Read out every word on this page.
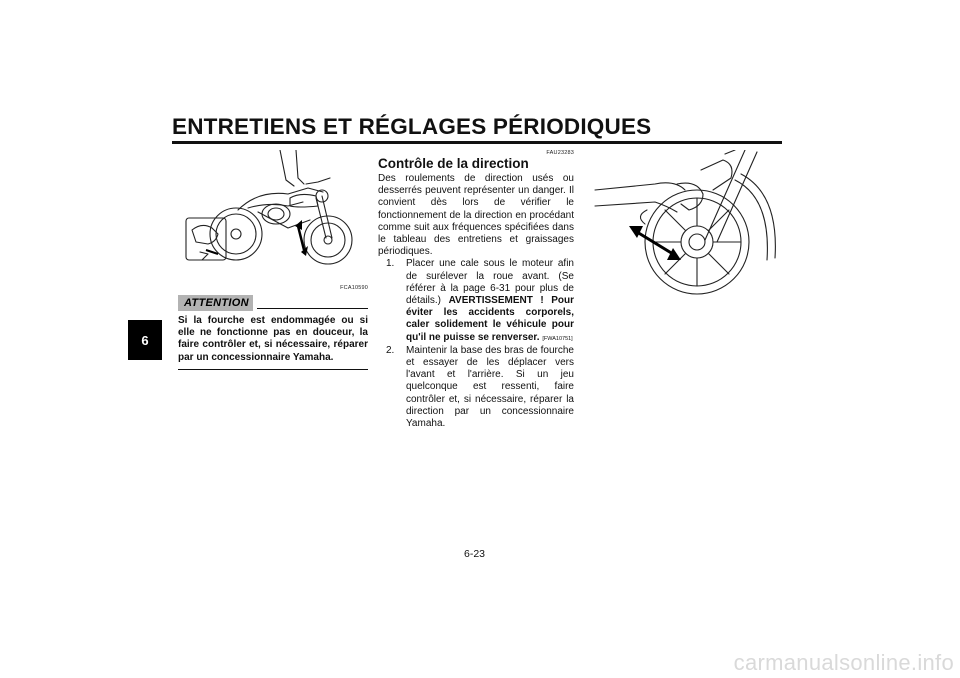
ENTRETIENS ET RÉGLAGES PÉRIODIQUES
6
FCA10590
ATTENTION
Si la fourche est endommagée ou si elle ne fonctionne pas en douceur, la faire contrôler et, si nécessaire, réparer par un concessionnaire Yamaha.
FAU23283
Contrôle de la direction
Des roulements de direction usés ou desserrés peuvent représenter un danger. Il convient dès lors de vérifier le fonctionnement de la direction en procédant comme suit aux fréquences spécifiées dans le tableau des entretiens et graissages périodiques.
1.	Placer une cale sous le moteur afin de surélever la roue avant. (Se référer à la page 6-31 pour plus de détails.) AVERTISSEMENT ! Pour éviter les accidents corporels, caler solidement le véhicule pour qu'il ne puisse se renverser. [FWA10751]
2.	Maintenir la base des bras de fourche et essayer de les déplacer vers l'avant et l'arrière. Si un jeu quelconque est ressenti, faire contrôler et, si nécessaire, réparer la direction par un concessionnaire Yamaha.
6-23
carmanualsonline.info
